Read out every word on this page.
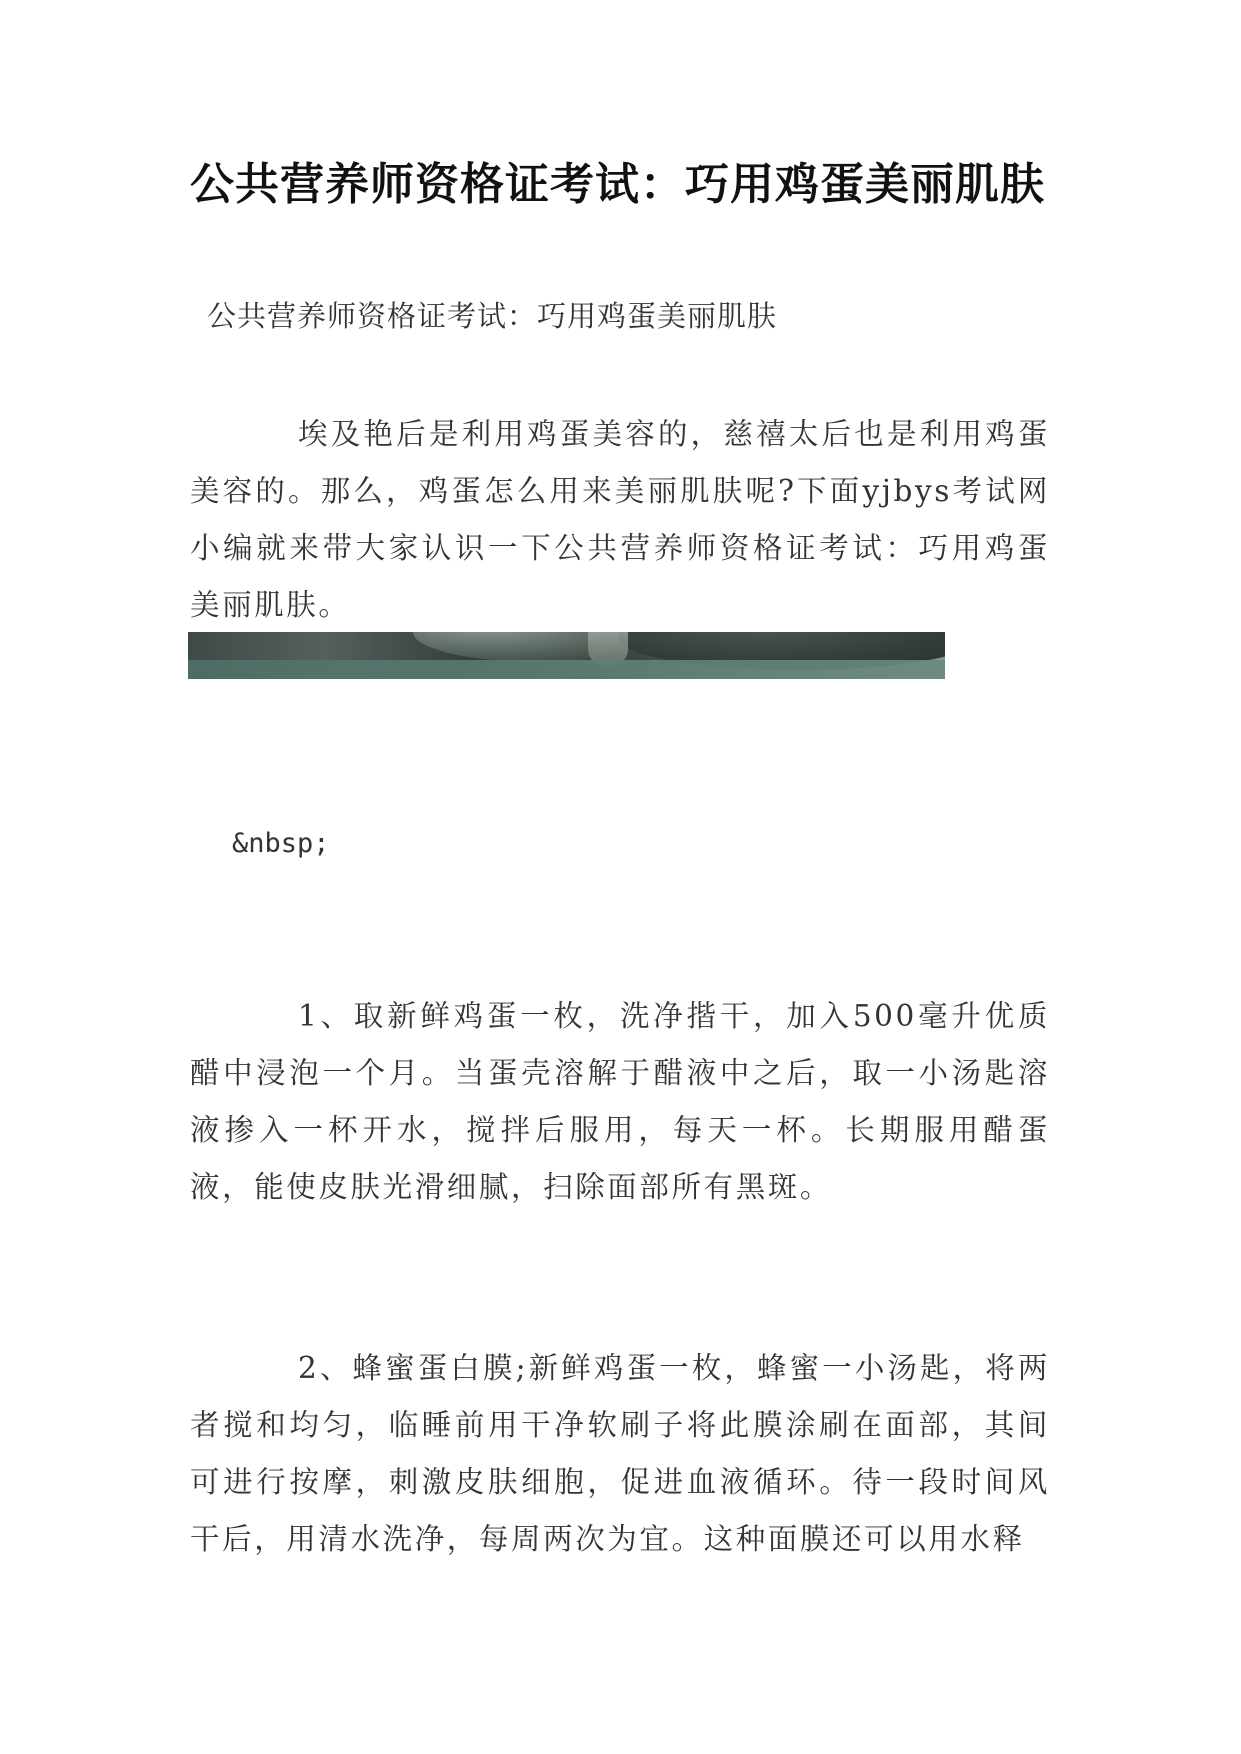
公共营养师资格证考试：巧用鸡蛋美丽肌肤

公共营养师资格证考试：巧用鸡蛋美丽肌肤

埃及艳后是利用鸡蛋美容的，慈禧太后也是利用鸡蛋美容的。那么，鸡蛋怎么用来美丽肌肤呢?下面yjbys考试网小编就来带大家认识一下公共营养师资格证考试：巧用鸡蛋美丽肌肤。

&nbsp;

1、取新鲜鸡蛋一枚，洗净揩干，加入500毫升优质醋中浸泡一个月。当蛋壳溶解于醋液中之后，取一小汤匙溶液掺入一杯开水，搅拌后服用，每天一杯。长期服用醋蛋液，能使皮肤光滑细腻，扫除面部所有黑斑。

2、蜂蜜蛋白膜;新鲜鸡蛋一枚，蜂蜜一小汤匙，将两者搅和均匀，临睡前用干净软刷子将此膜涂刷在面部，其间可进行按摩，刺激皮肤细胞，促进血液循环。待一段时间风干后，用清水洗净，每周两次为宜。这种面膜还可以用水释
